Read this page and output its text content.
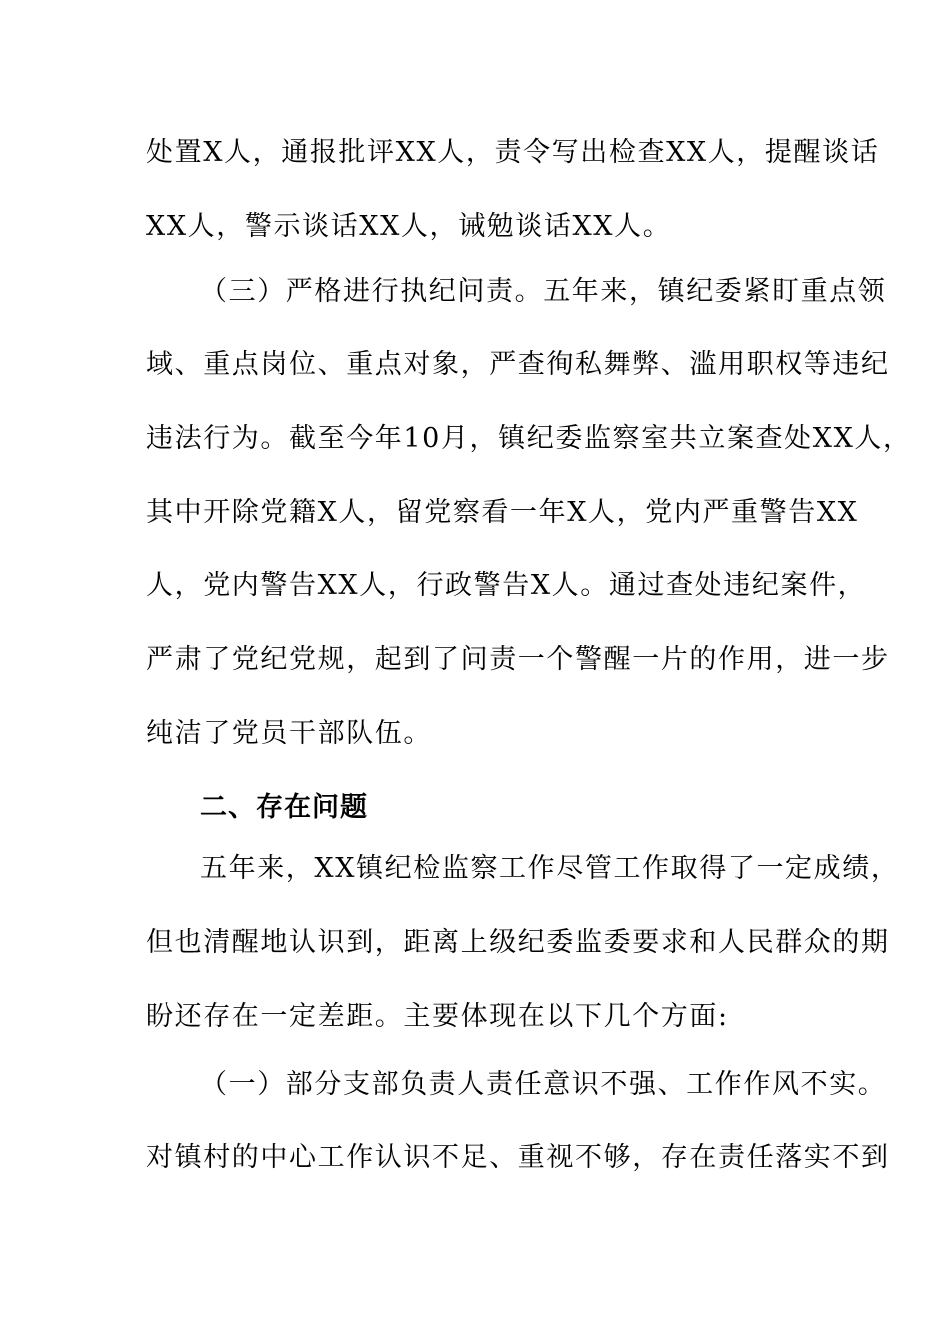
处置X人，通报批评XX人，责令写出检查XX人，提醒谈话
XX人，警示谈话XX人，诫勉谈话XX人。
（三）严格进行执纪问责。五年来，镇纪委紧盯重点领
域、重点岗位、重点对象，严查徇私舞弊、滥用职权等违纪
违法行为。截至今年10月，镇纪委监察室共立案查处XX人，
其中开除党籍X人，留党察看一年X人，党内严重警告XX
人，党内警告XX人，行政警告X人。通过查处违纪案件，
严肃了党纪党规，起到了问责一个警醒一片的作用，进一步
纯洁了党员干部队伍。
二、存在问题
五年来，XX镇纪检监察工作尽管工作取得了一定成绩，
但也清醒地认识到，距离上级纪委监委要求和人民群众的期
盼还存在一定差距。主要体现在以下几个方面:
（一）部分支部负责人责任意识不强、工作作风不实。
对镇村的中心工作认识不足、重视不够，存在责任落实不到
